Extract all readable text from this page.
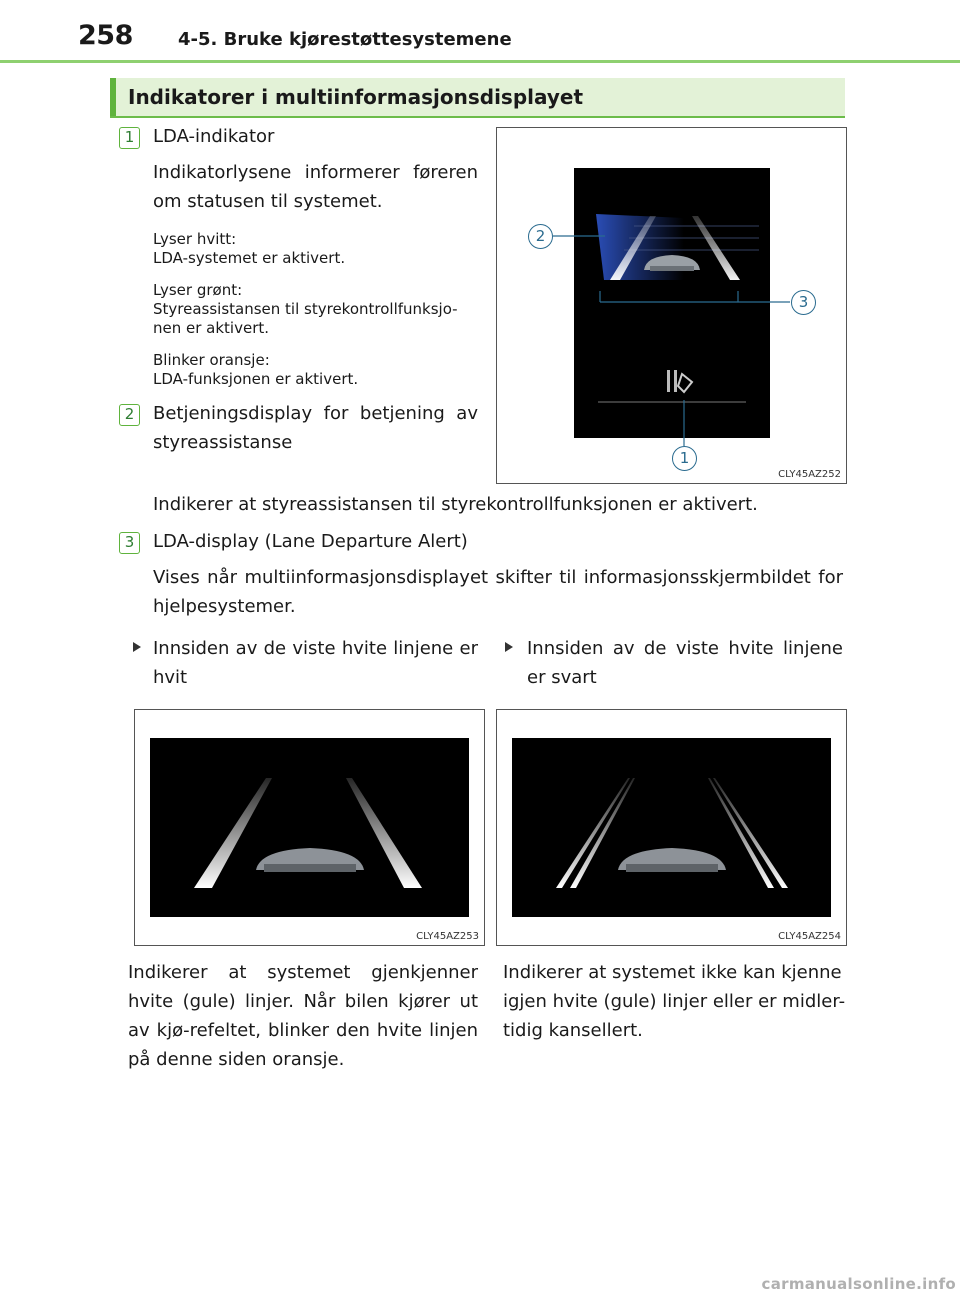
258	4-5. Bruke kjørestøttesystemene
Indikatorer i multiinformasjonsdisplayet
1	LDA-indikator
Indikatorlysene informerer føreren om statusen til systemet.
Lyser hvitt:
LDA-systemet er aktivert.
Lyser grønt:
Styreassistansen til styrekontrollfunksjo-nen er aktivert.
Blinker oransje:
LDA-funksjonen er aktivert.
2	Betjeningsdisplay for betjening av styreassistanse
Indikerer at styreassistansen til styrekontrollfunksjonen er aktivert.
3	LDA-display (Lane Departure Alert)
Vises når multiinformasjonsdisplayet skifter til informasjonsskjermbildet for hjelpesystemer.
2
3
1
CLY45AZ252
Innsiden av de viste hvite linjene er hvit
CLY45AZ253
Indikerer at systemet gjenkjenner hvite (gule) linjer. Når bilen kjører ut av kjø-refeltet, blinker den hvite linjen på denne siden oransje.
Innsiden av de viste hvite linjene er svart
CLY45AZ254
Indikerer at systemet ikke kan kjenne igjen hvite (gule) linjer eller er midler-tidig kansellert.
carmanualsonline.info
